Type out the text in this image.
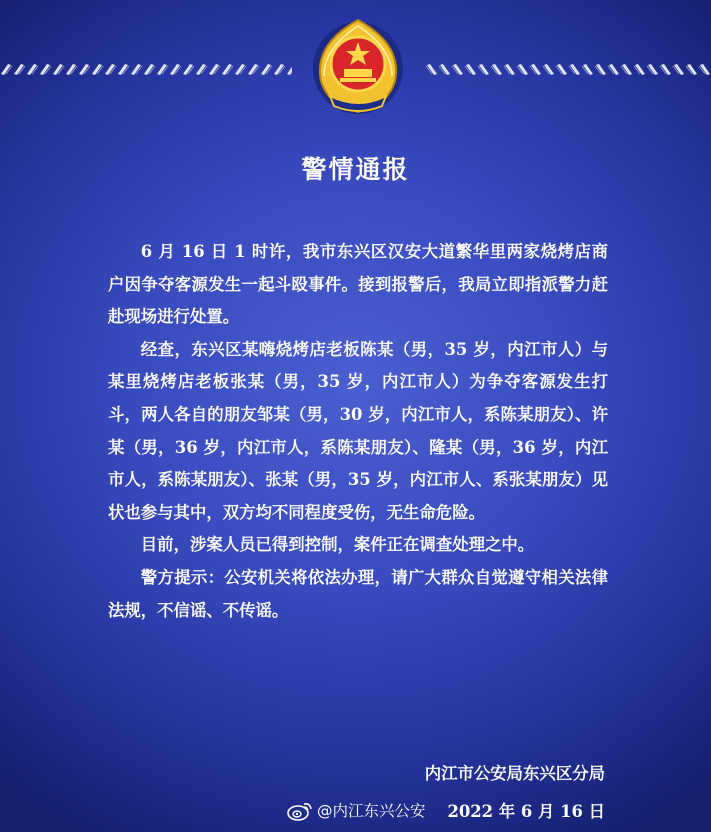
警情通报

6 月 16 日 1 时许，我市东兴区汉安大道繁华里两家烧烤店商户因争夺客源发生一起斗殴事件。接到报警后，我局立即指派警力赶赴现场进行处置。

经查，东兴区某嗨烧烤店老板陈某（男，35 岁，内江市人）与某里烧烤店老板张某（男，35 岁，内江市人）为争夺客源发生打斗，两人各自的朋友邹某（男，30 岁，内江市人，系陈某朋友）、许某（男，36 岁，内江市人，系陈某朋友）、隆某（男，36 岁，内江市人，系陈某朋友）、张某（男，35 岁，内江市人、系张某朋友）见状也参与其中，双方均不同程度受伤，无生命危险。

目前，涉案人员已得到控制，案件正在调查处理之中。

警方提示：公安机关将依法办理，请广大群众自觉遵守相关法律法规，不信谣、不传谣。

内江市公安局东兴区分局
@内江东兴公安 2022 年 6 月 16 日
